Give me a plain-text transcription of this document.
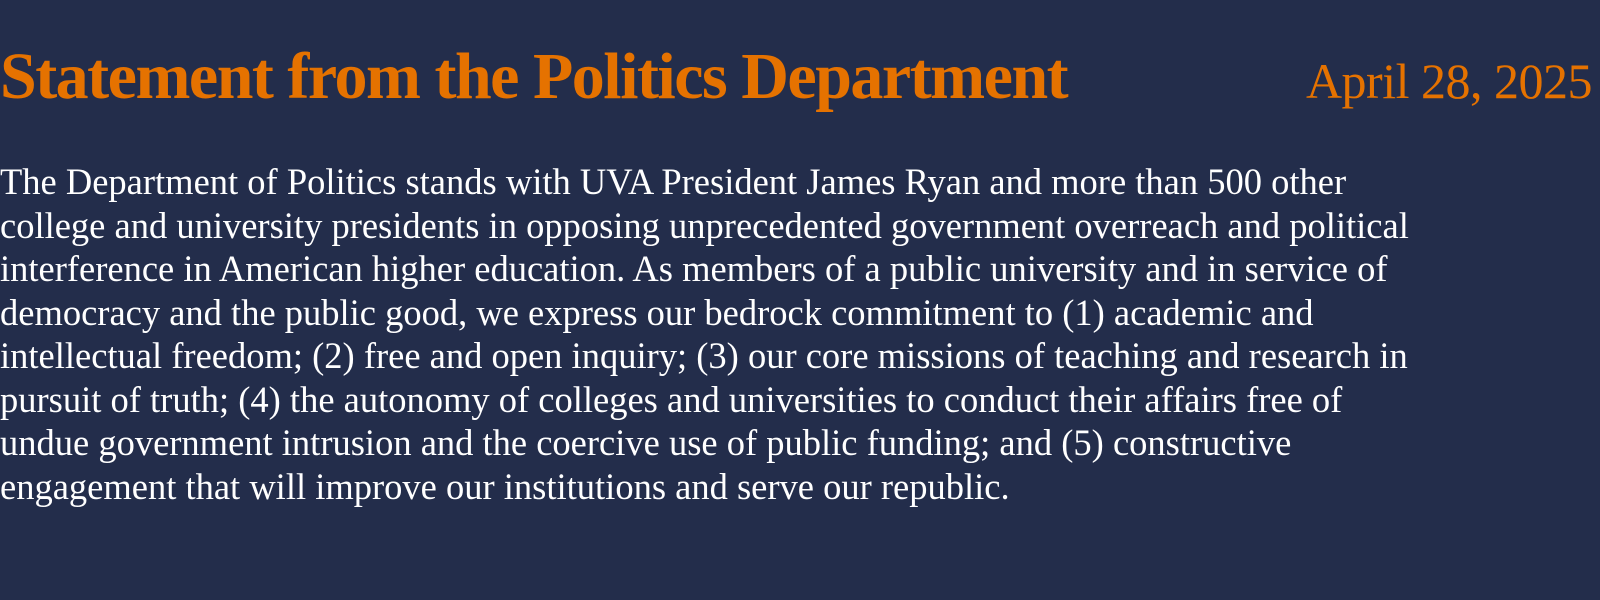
Statement from the Politics Department	April 28, 2025

The Department of Politics stands with UVA President James Ryan and more than 500 other
college and university presidents in opposing unprecedented government overreach and political
interference in American higher education. As members of a public university and in service of
democracy and the public good, we express our bedrock commitment to (1) academic and
intellectual freedom; (2) free and open inquiry; (3) our core missions of teaching and research in
pursuit of truth; (4) the autonomy of colleges and universities to conduct their affairs free of
undue government intrusion and the coercive use of public funding; and (5) constructive
engagement that will improve our institutions and serve our republic.
